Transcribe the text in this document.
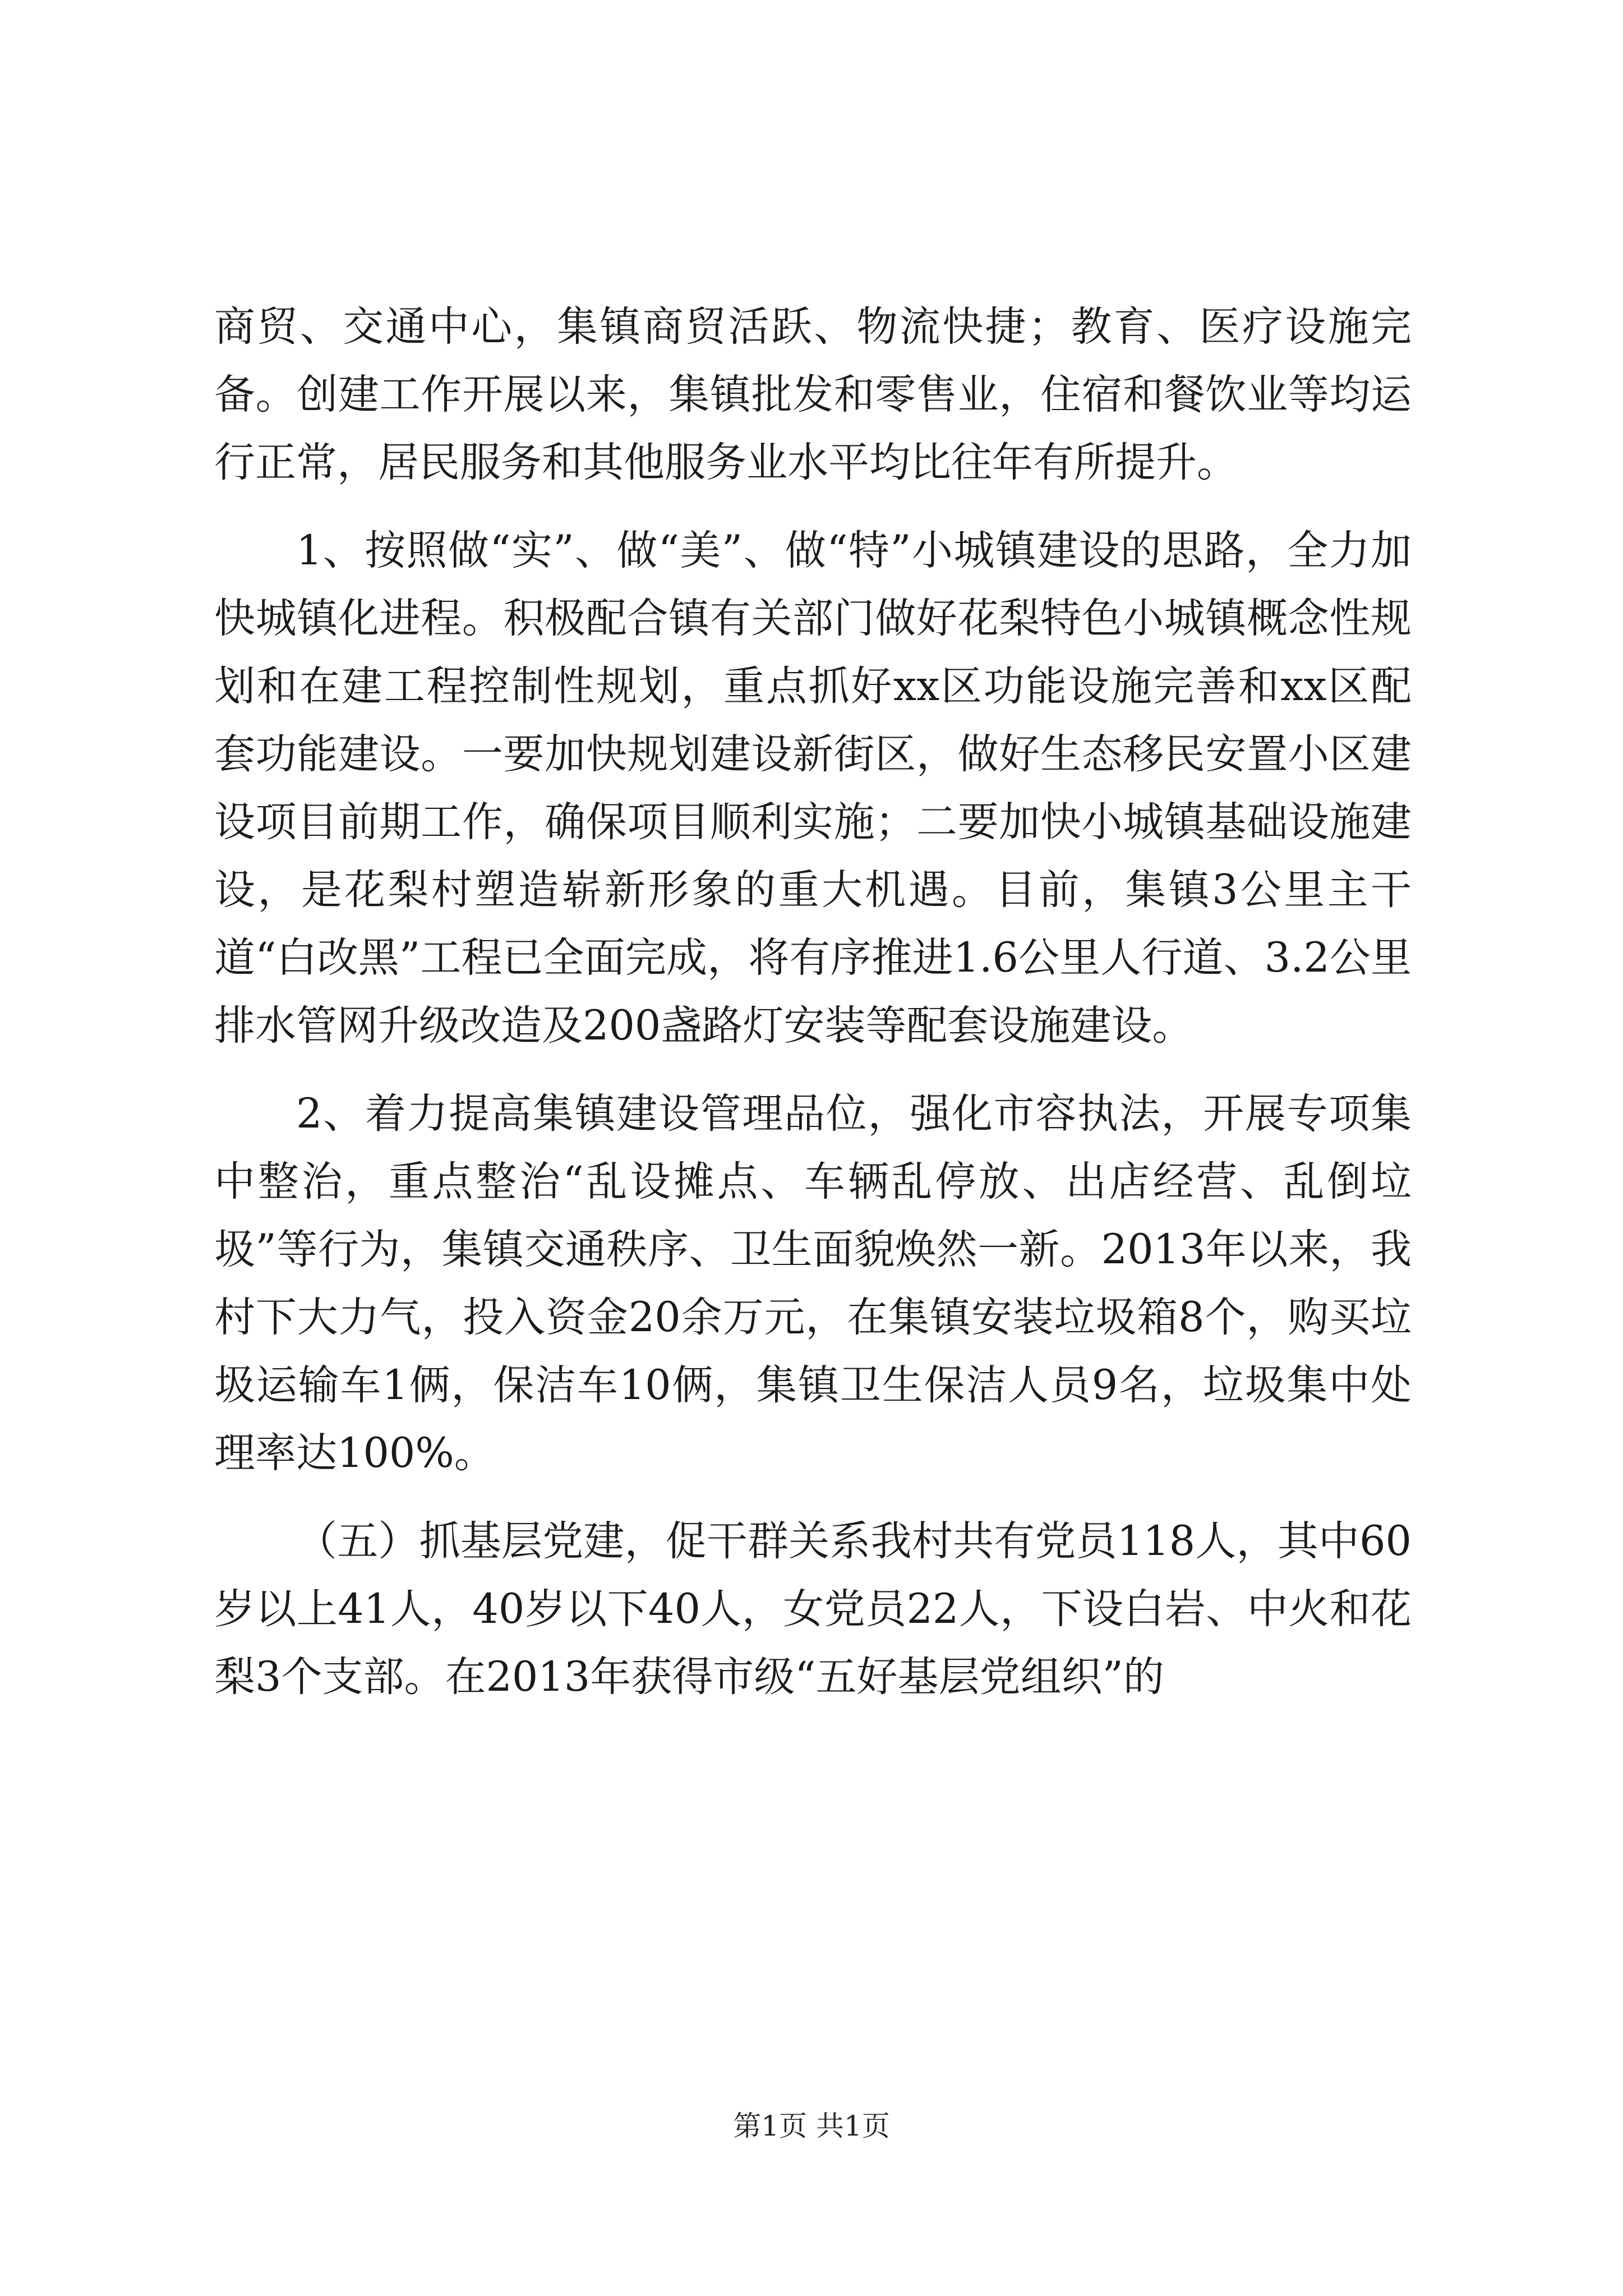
商贸、交通中心，集镇商贸活跃、物流快捷；教育、医疗设施完备。创建工作开展以来，集镇批发和零售业，住宿和餐饮业等均运行正常，居民服务和其他服务业水平均比往年有所提升。

1、按照做“实”、做“美”、做“特”小城镇建设的思路，全力加快城镇化进程。积极配合镇有关部门做好花梨特色小城镇概念性规划和在建工程控制性规划，重点抓好xx区功能设施完善和xx区配套功能建设。一要加快规划建设新街区，做好生态移民安置小区建设项目前期工作，确保项目顺利实施；二要加快小城镇基础设施建设，是花梨村塑造崭新形象的重大机遇。目前，集镇3公里主干道“白改黑”工程已全面完成，将有序推进1.6公里人行道、3.2公里排水管网升级改造及200盏路灯安装等配套设施建设。

2、着力提高集镇建设管理品位，强化市容执法，开展专项集中整治，重点整治“乱设摊点、车辆乱停放、出店经营、乱倒垃圾”等行为，集镇交通秩序、卫生面貌焕然一新。2013年以来，我村下大力气，投入资金20余万元，在集镇安装垃圾箱8个，购买垃圾运输车1俩，保洁车10俩，集镇卫生保洁人员9名，垃圾集中处理率达100%。

（五）抓基层党建，促干群关系我村共有党员118人，其中60岁以上41人，40岁以下40人，女党员22人，下设白岩、中火和花梨3个支部。在2013年获得市级“五好基层党组织”的

第1页 共1页
